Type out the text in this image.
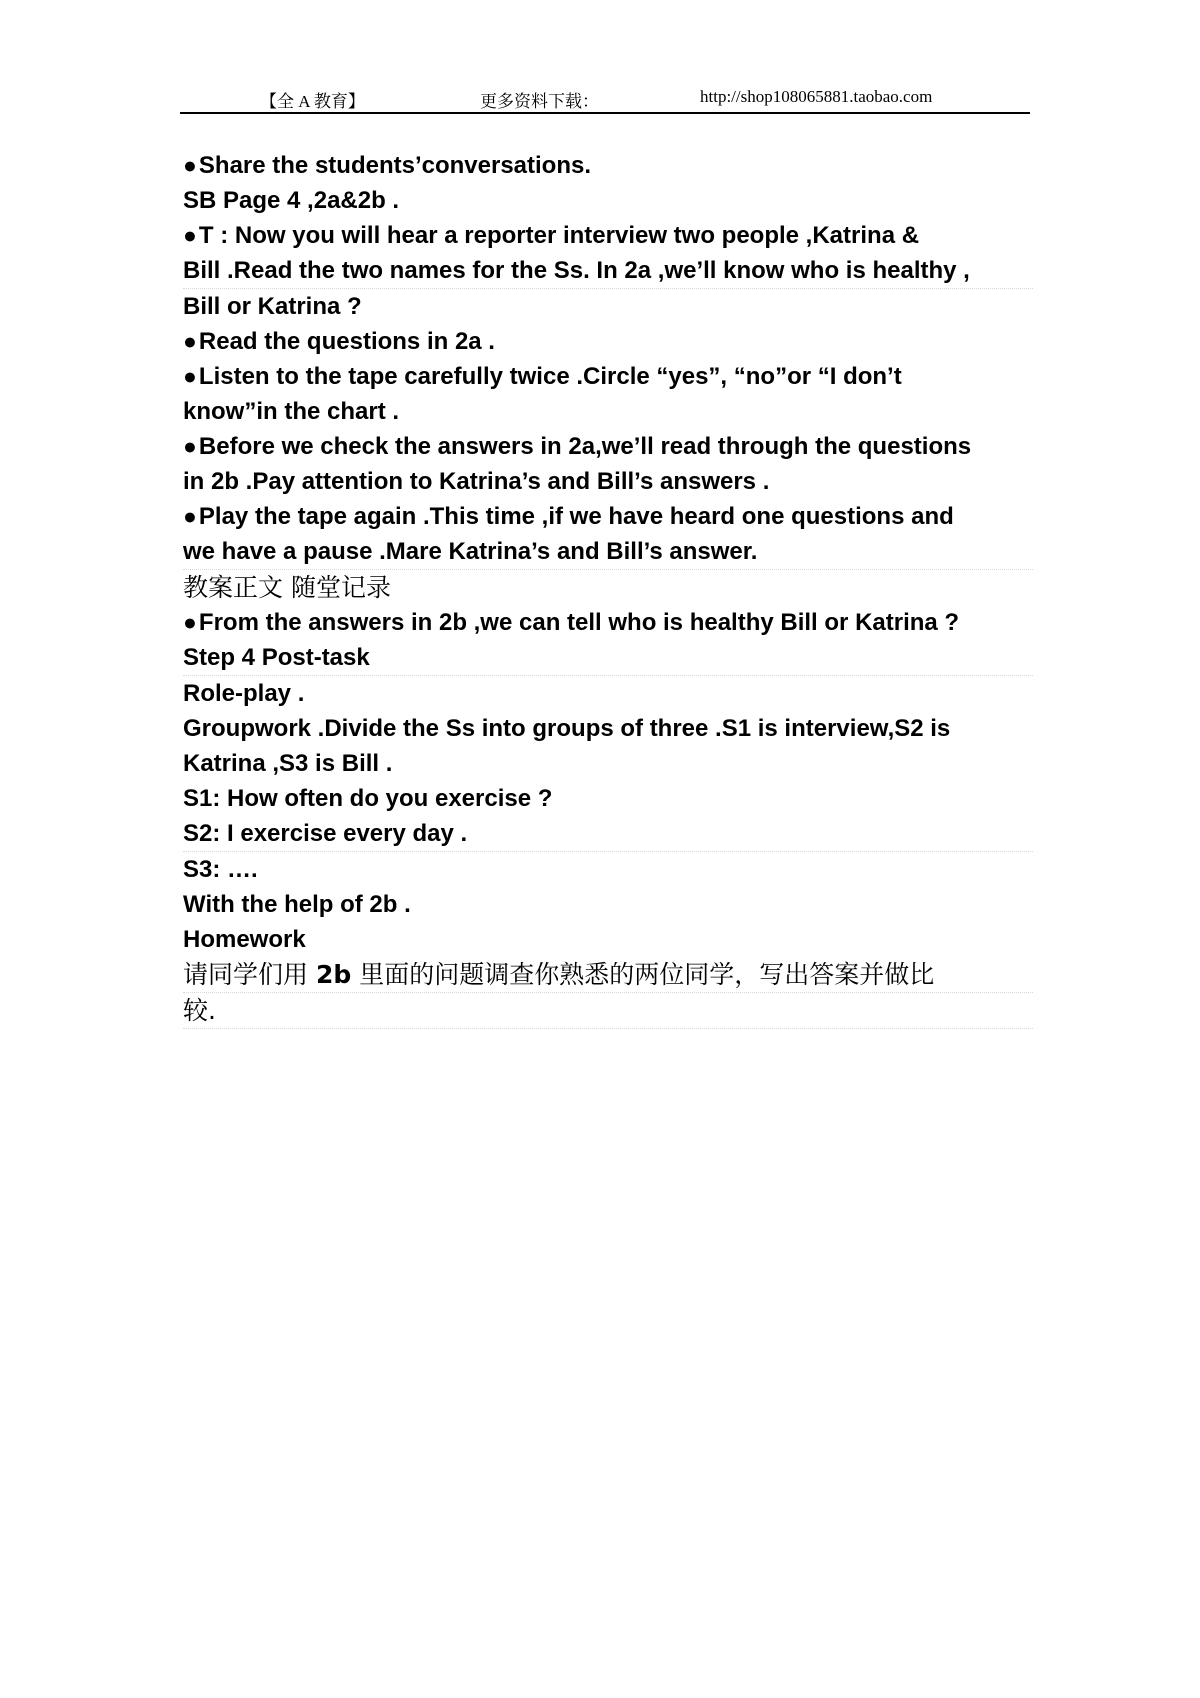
【全 A 教育】	更多资料下载：	http://shop108065881.taobao.com
●Share the students’conversations.
SB Page 4 ,2a&2b .
●T : Now you will hear a reporter interview two people ,Katrina &
Bill .Read the two names for the Ss. In 2a ,we’ll know who is healthy ,
Bill or Katrina ?
●Read the questions in 2a .
●Listen to the tape carefully twice .Circle “yes”, “no”or “I don’t
know”in the chart .
●Before we check the answers in 2a,we’ll read through the questions
in 2b .Pay attention to Katrina’s and Bill’s answers .
●Play the tape again .This time ,if we have heard one questions and
we have a pause .Mare Katrina’s and Bill’s answer.
教案正文 随堂记录
●From the answers in 2b ,we can tell who is healthy Bill or Katrina ?
Step 4 Post-task
Role-play .
Groupwork .Divide the Ss into groups of three .S1 is interview,S2 is
Katrina ,S3 is Bill .
S1: How often do you exercise ?
S2: I exercise every day .
S3: ….
With the help of 2b .
Homework
请同学们用 2b 里面的问题调查你熟悉的两位同学，写出答案并做比
较.
